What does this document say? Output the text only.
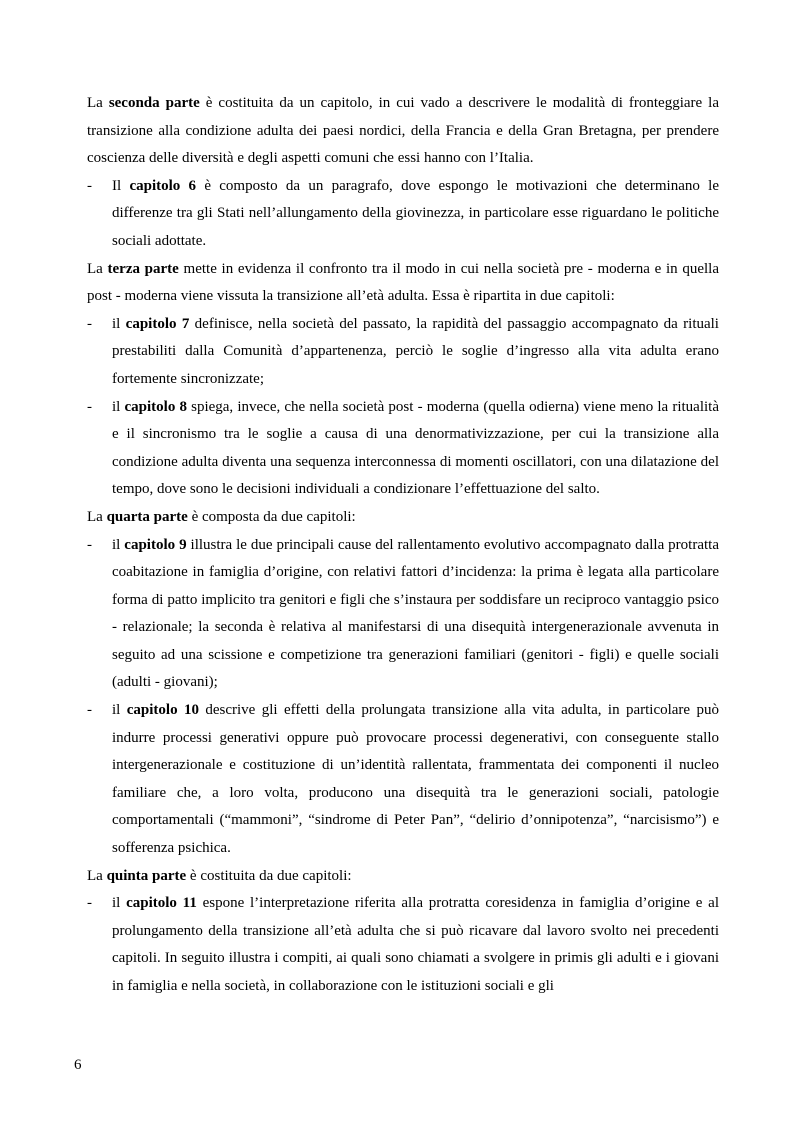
La seconda parte è costituita da un capitolo, in cui vado a descrivere le modalità di fronteggiare la transizione alla condizione adulta dei paesi nordici, della Francia e della Gran Bretagna, per prendere coscienza delle diversità e degli aspetti comuni che essi hanno con l’Italia.

- Il capitolo 6 è composto da un paragrafo, dove espongo le motivazioni che determinano le differenze tra gli Stati nell’allungamento della giovinezza, in particolare esse riguardano le politiche sociali adottate.

La terza parte mette in evidenza il confronto tra il modo in cui nella società pre - moderna e in quella post - moderna viene vissuta la transizione all’età adulta. Essa è ripartita in due capitoli:

- il capitolo 7 definisce, nella società del passato, la rapidità del passaggio accompagnato da rituali prestabiliti dalla Comunità d’appartenenza, perciò le soglie d’ingresso alla vita adulta erano fortemente sincronizzate;
- il capitolo 8 spiega, invece, che nella società post - moderna (quella odierna) viene meno la ritualità e il sincronismo tra le soglie a causa di una denormativizzazione, per cui la transizione alla condizione adulta diventa una sequenza interconnessa di momenti oscillatori, con una dilatazione del tempo, dove sono le decisioni individuali a condizionare l’effettuazione del salto.

La quarta parte è composta da due capitoli:

- il capitolo 9 illustra le due principali cause del rallentamento evolutivo accompagnato dalla protratta coabitazione in famiglia d’origine, con relativi fattori d’incidenza: la prima è legata alla particolare forma di patto implicito tra genitori e figli che s’instaura per soddisfare un reciproco vantaggio psico - relazionale; la seconda è relativa al manifestarsi di una disequità intergenerazionale avvenuta in seguito ad una scissione e competizione tra generazioni familiari (genitori - figli) e quelle sociali (adulti - giovani);
- il capitolo 10 descrive gli effetti della prolungata transizione alla vita adulta, in particolare può indurre processi generativi oppure può provocare processi degenerativi, con conseguente stallo intergenerazionale e costituzione di un’identità rallentata, frammentata dei componenti il nucleo familiare che, a loro volta, producono una disequità tra le generazioni sociali, patologie comportamentali (“mammoni”, “sindrome di Peter Pan”, “delirio d’onnipotenza”, “narcisismo”) e sofferenza psichica.

La quinta parte è costituita da due capitoli:

- il capitolo 11 espone l’interpretazione riferita alla protratta coresidenza in famiglia d’origine e al prolungamento della transizione all’età adulta che si può ricavare dal lavoro svolto nei precedenti capitoli. In seguito illustra i compiti, ai quali sono chiamati a svolgere in primis gli adulti e i giovani in famiglia e nella società, in collaborazione con le istituzioni sociali e gli
6
